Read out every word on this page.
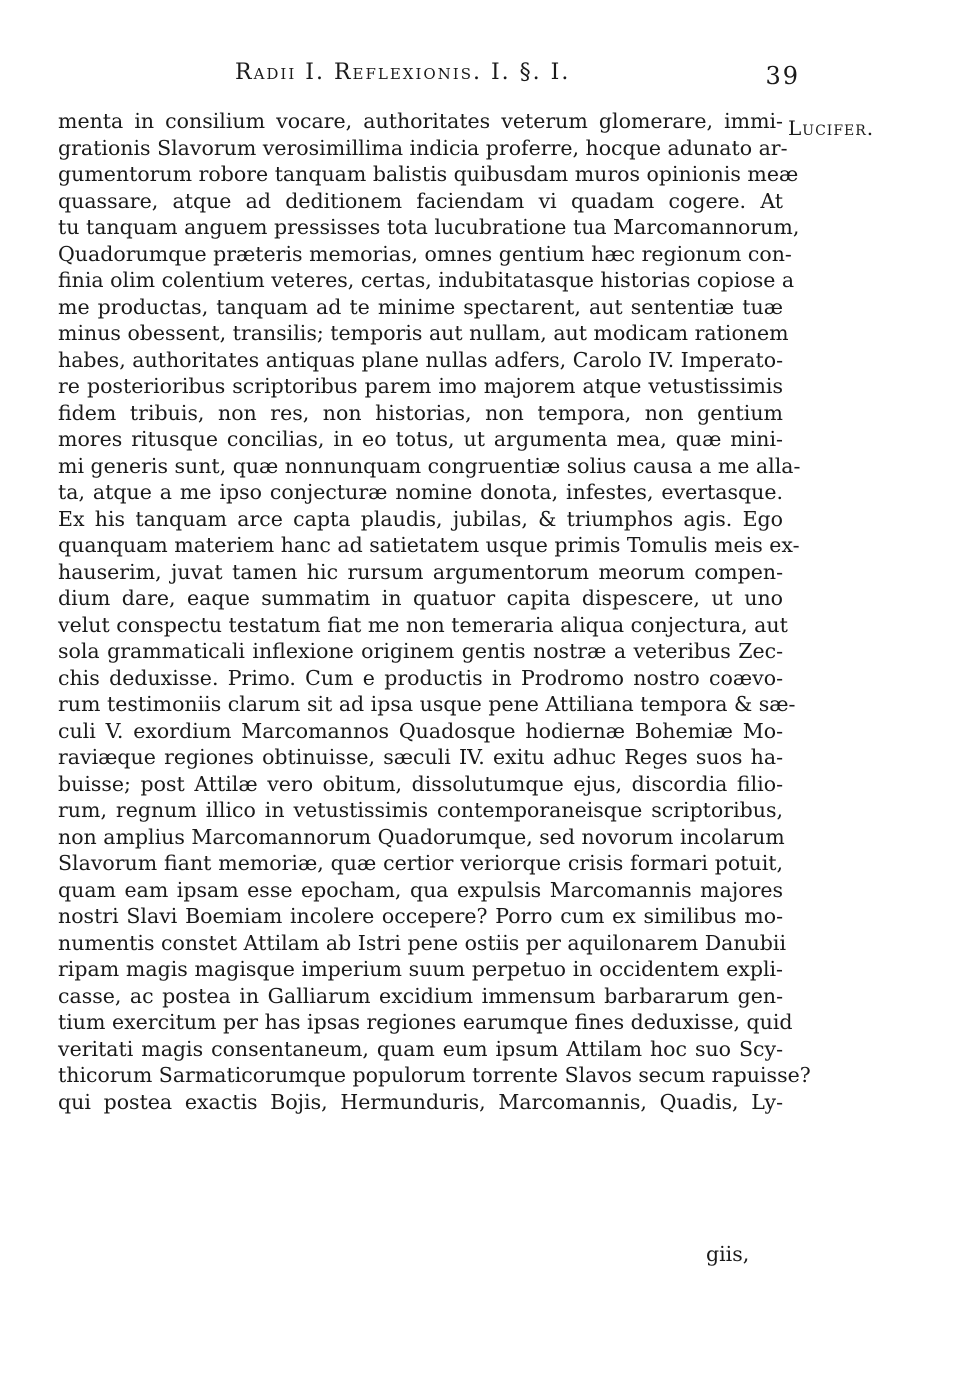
Radii I. Reflexionis. I. §. I.	39
Lucifer.
menta in consilium vocare, authoritates veterum glomerare, immi-
grationis Slavorum verosimillima indicia proferre, hocque adunato ar-
gumentorum robore tanquam balistis quibusdam muros opinionis meæ
quassare, atque ad deditionem faciendam vi quadam cogere. At
tu tanquam anguem pressisses tota lucubratione tua Marcomannorum,
Quadorumque præteris memorias, omnes gentium hæc regionum con-
finia olim colentium veteres, certas, indubitatasque historias copiose a
me productas, tanquam ad te minime spectarent, aut sententiæ tuæ
minus obessent, transilis; temporis aut nullam, aut modicam rationem
habes, authoritates antiquas plane nullas adfers, Carolo IV. Imperato-
re posterioribus scriptoribus parem imo majorem atque vetustissimis
fidem tribuis, non res, non historias, non tempora, non gentium
mores ritusque concilias, in eo totus, ut argumenta mea, quæ mini-
mi generis sunt, quæ nonnunquam congruentiæ solius causa a me alla-
ta, atque a me ipso conjecturæ nomine donota, infestes, evertasque.
Ex his tanquam arce capta plaudis, jubilas, & triumphos agis. Ego
quanquam materiem hanc ad satietatem usque primis Tomulis meis ex-
hauserim, juvat tamen hic rursum argumentorum meorum compen-
dium dare, eaque summatim in quatuor capita dispescere, ut uno
velut conspectu testatum fiat me non temeraria aliqua conjectura, aut
sola grammaticali inflexione originem gentis nostræ a veteribus Zec-
chis deduxisse. Primo. Cum e productis in Prodromo nostro coævo-
rum testimoniis clarum sit ad ipsa usque pene Attiliana tempora & sæ-
culi V. exordium Marcomannos Quadosque hodiernæ Bohemiæ Mo-
raviæque regiones obtinuisse, sæculi IV. exitu adhuc Reges suos ha-
buisse; post Attilæ vero obitum, dissolutumque ejus, discordia filio-
rum, regnum illico in vetustissimis contemporaneisque scriptoribus,
non amplius Marcomannorum Quadorumque, sed novorum incolarum
Slavorum fiant memoriæ, quæ certior veriorque crisis formari potuit,
quam eam ipsam esse epocham, qua expulsis Marcomannis majores
nostri Slavi Boemiam incolere occepere? Porro cum ex similibus mo-
numentis constet Attilam ab Istri pene ostiis per aquilonarem Danubii
ripam magis magisque imperium suum perpetuo in occidentem expli-
casse, ac postea in Galliarum excidium immensum barbararum gen-
tium exercitum per has ipsas regiones earumque fines deduxisse, quid
veritati magis consentaneum, quam eum ipsum Attilam hoc suo Scy-
thicorum Sarmaticorumque populorum torrente Slavos secum rapuisse?
qui postea exactis Bojis, Hermunduris, Marcomannis, Quadis, Ly-
giis,
